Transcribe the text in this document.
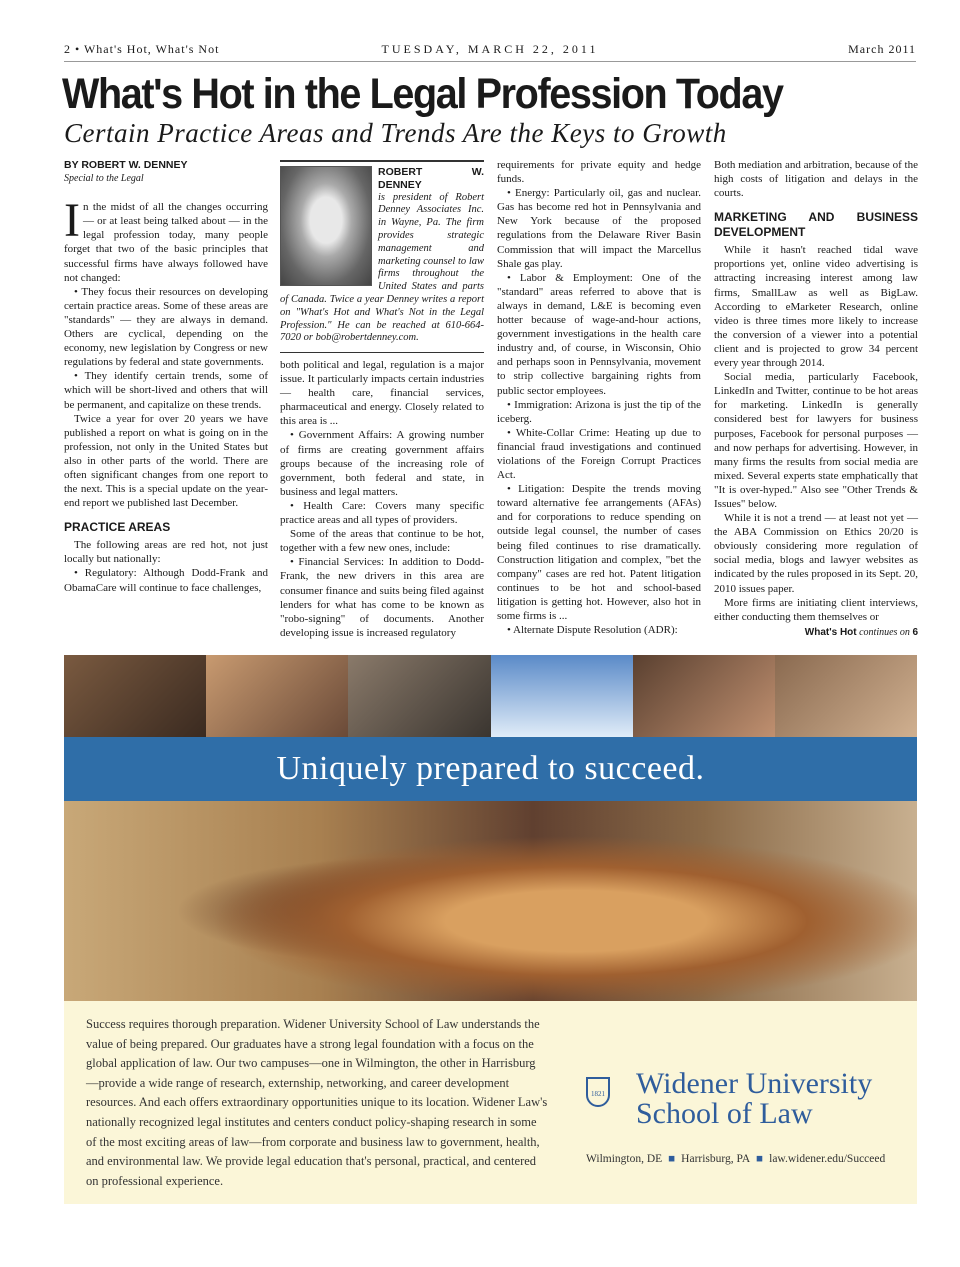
2 • What's Hot, What's Not	TUESDAY, MARCH 22, 2011	March 2011
What's Hot in the Legal Profession Today
Certain Practice Areas and Trends Are the Keys to Growth
BY ROBERT W. DENNEY
Special to the Legal

In the midst of all the changes occurring — or at least being talked about — in the legal profession today, many people forget that two of the basic principles that successful firms have always followed have not changed:

• They focus their resources on developing certain practice areas. Some of these areas are "standards" — they are always in demand. Others are cyclical, depending on the economy, new legislation by Congress or new regulations by federal and state governments.

• They identify certain trends, some of which will be short-lived and others that will be permanent, and capitalize on these trends.

Twice a year for over 20 years we have published a report on what is going on in the profession, not only in the United States but also in other parts of the world. There are often significant changes from one report to the next. This is a special update on the year-end report we published last December.

PRACTICE AREAS

The following areas are red hot, not just locally but nationally:

• Regulatory: Although Dodd-Frank and ObamaCare will continue to face challenges,

ROBERT W. DENNEY
is president of Robert Denney Associates Inc. in Wayne, Pa. The firm provides strategic management and marketing counsel to law firms throughout the United States and parts of Canada. Twice a year Denney writes a report on "What's Hot and What's Not in the Legal Profession." He can be reached at 610-664-7020 or bob@robertdenney.com.

both political and legal, regulation is a major issue. It particularly impacts certain industries — health care, financial services, pharmaceutical and energy. Closely related to this area is ...

• Government Affairs: A growing number of firms are creating government affairs groups because of the increasing role of government, both federal and state, in business and legal matters.

• Health Care: Covers many specific practice areas and all types of providers.

Some of the areas that continue to be hot, together with a few new ones, include:

• Financial Services: In addition to Dodd-Frank, the new drivers in this area are consumer finance and suits being filed against lenders for what has come to be known as "robo-signing" of documents. Another developing issue is increased regulatory

requirements for private equity and hedge funds.

• Energy: Particularly oil, gas and nuclear. Gas has become red hot in Pennsylvania and New York because of the proposed regulations from the Delaware River Basin Commission that will impact the Marcellus Shale gas play.

• Labor & Employment: One of the "standard" areas referred to above that is always in demand, L&E is becoming even hotter because of wage-and-hour actions, government investigations in the health care industry and, of course, in Wisconsin, Ohio and perhaps soon in Pennsylvania, movement to strip collective bargaining rights from public sector employees.

• Immigration: Arizona is just the tip of the iceberg.

• White-Collar Crime: Heating up due to financial fraud investigations and continued violations of the Foreign Corrupt Practices Act.

• Litigation: Despite the trends moving toward alternative fee arrangements (AFAs) and for corporations to reduce spending on outside legal counsel, the number of cases being filed continues to rise dramatically. Construction litigation and complex, "bet the company" cases are red hot. Patent litigation continues to be hot and school-based litigation is getting hot. However, also hot in some firms is ...

• Alternate Dispute Resolution (ADR):

Both mediation and arbitration, because of the high costs of litigation and delays in the courts.

MARKETING AND BUSINESS DEVELOPMENT

While it hasn't reached tidal wave proportions yet, online video advertising is attracting increasing interest among law firms, SmallLaw as well as BigLaw. According to eMarketer Research, online video is three times more likely to increase the conversion of a viewer into a potential client and is projected to grow 34 percent every year through 2014.

Social media, particularly Facebook, LinkedIn and Twitter, continue to be hot areas for marketing. LinkedIn is generally considered best for lawyers for business purposes, Facebook for personal purposes — and now perhaps for advertising. However, in many firms the results from social media are mixed. Several experts state emphatically that "It is over-hyped." Also see "Other Trends & Issues" below.

While it is not a trend — at least not yet — the ABA Commission on Ethics 20/20 is obviously considering more regulation of social media, blogs and lawyer websites as indicated by the rules proposed in its Sept. 20, 2010 issues paper.

More firms are initiating client interviews, either conducting them themselves or

What's Hot continues on 6
Uniquely prepared to succeed.
Success requires thorough preparation. Widener University School of Law understands the value of being prepared. Our graduates have a strong legal foundation with a focus on the global application of law. Our two campuses—one in Wilmington, the other in Harrisburg—provide a wide range of research, externship, networking, and career development resources. And each offers extraordinary opportunities unique to its location. Widener Law's nationally recognized legal institutes and centers conduct policy-shaping research in some of the most exciting areas of law—from corporate and business law to government, health, and environmental law. We provide legal education that's personal, practical, and centered on professional experience.
1821 Widener University
School of Law
Wilmington, DE ■ Harrisburg, PA ■ law.widener.edu/Succeed
